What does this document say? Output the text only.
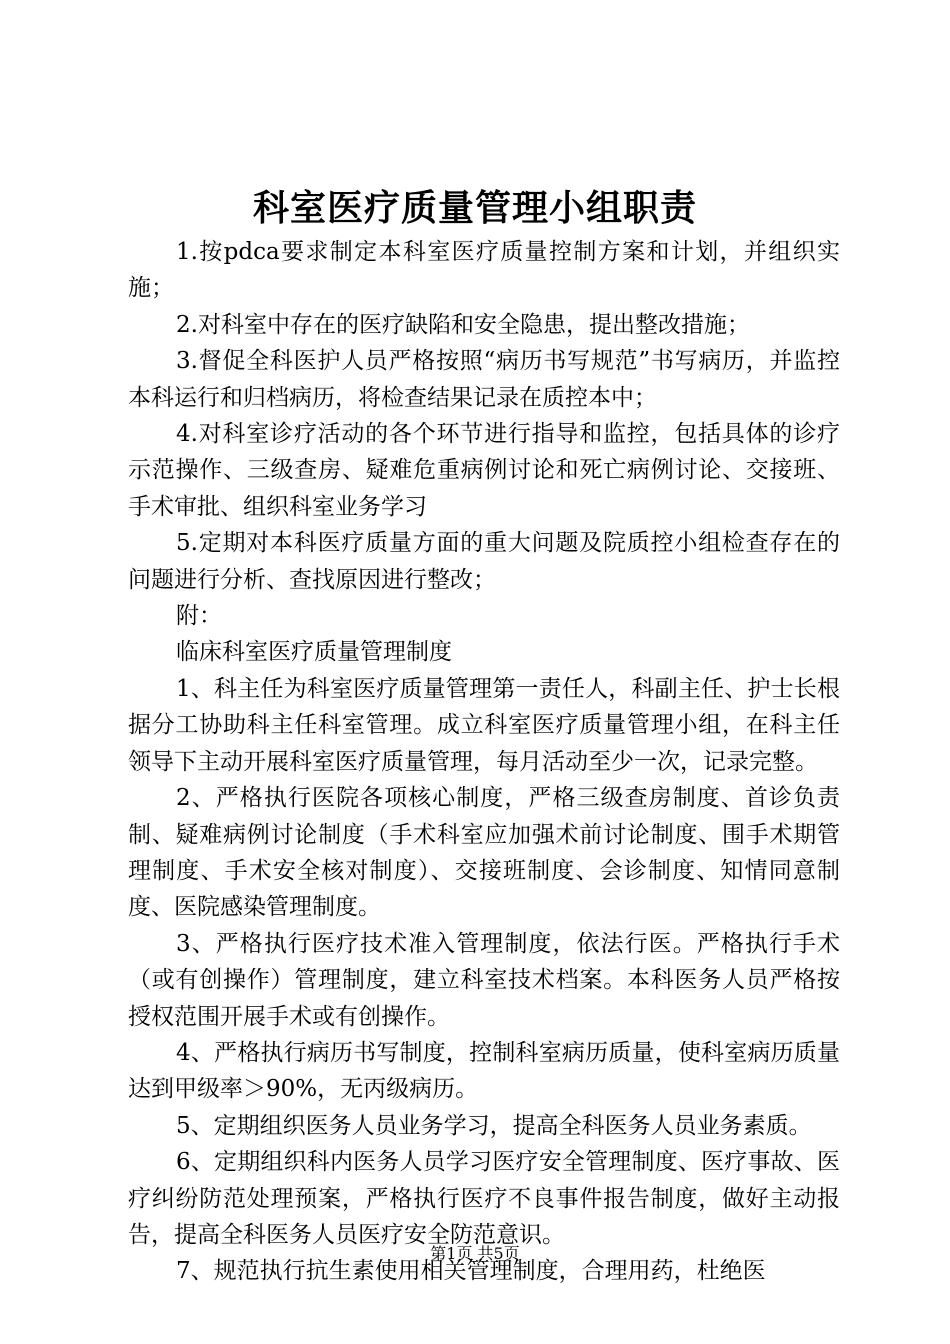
科室医疗质量管理小组职责

1.按pdca要求制定本科室医疗质量控制方案和计划，并组织实施；

2.对科室中存在的医疗缺陷和安全隐患，提出整改措施；

3.督促全科医护人员严格按照“病历书写规范”书写病历，并监控本科运行和归档病历，将检查结果记录在质控本中；

4.对科室诊疗活动的各个环节进行指导和监控，包括具体的诊疗示范操作、三级查房、疑难危重病例讨论和死亡病例讨论、交接班、手术审批、组织科室业务学习

5.定期对本科医疗质量方面的重大问题及院质控小组检查存在的问题进行分析、查找原因进行整改；

附：

临床科室医疗质量管理制度

1、科主任为科室医疗质量管理第一责任人，科副主任、护士长根据分工协助科主任科室管理。成立科室医疗质量管理小组，在科主任领导下主动开展科室医疗质量管理，每月活动至少一次，记录完整。

2、严格执行医院各项核心制度，严格三级查房制度、首诊负责制、疑难病例讨论制度（手术科室应加强术前讨论制度、围手术期管理制度、手术安全核对制度）、交接班制度、会诊制度、知情同意制度、医院感染管理制度。

3、严格执行医疗技术准入管理制度，依法行医。严格执行手术（或有创操作）管理制度，建立科室技术档案。本科医务人员严格按授权范围开展手术或有创操作。

4、严格执行病历书写制度，控制科室病历质量，使科室病历质量达到甲级率＞90%，无丙级病历。

5、定期组织医务人员业务学习，提高全科医务人员业务素质。

6、定期组织科内医务人员学习医疗安全管理制度、医疗事故、医疗纠纷防范处理预案，严格执行医疗不良事件报告制度，做好主动报告，提高全科医务人员医疗安全防范意识。

7、规范执行抗生素使用相关管理制度，合理用药，杜绝医

第1页 共5页
